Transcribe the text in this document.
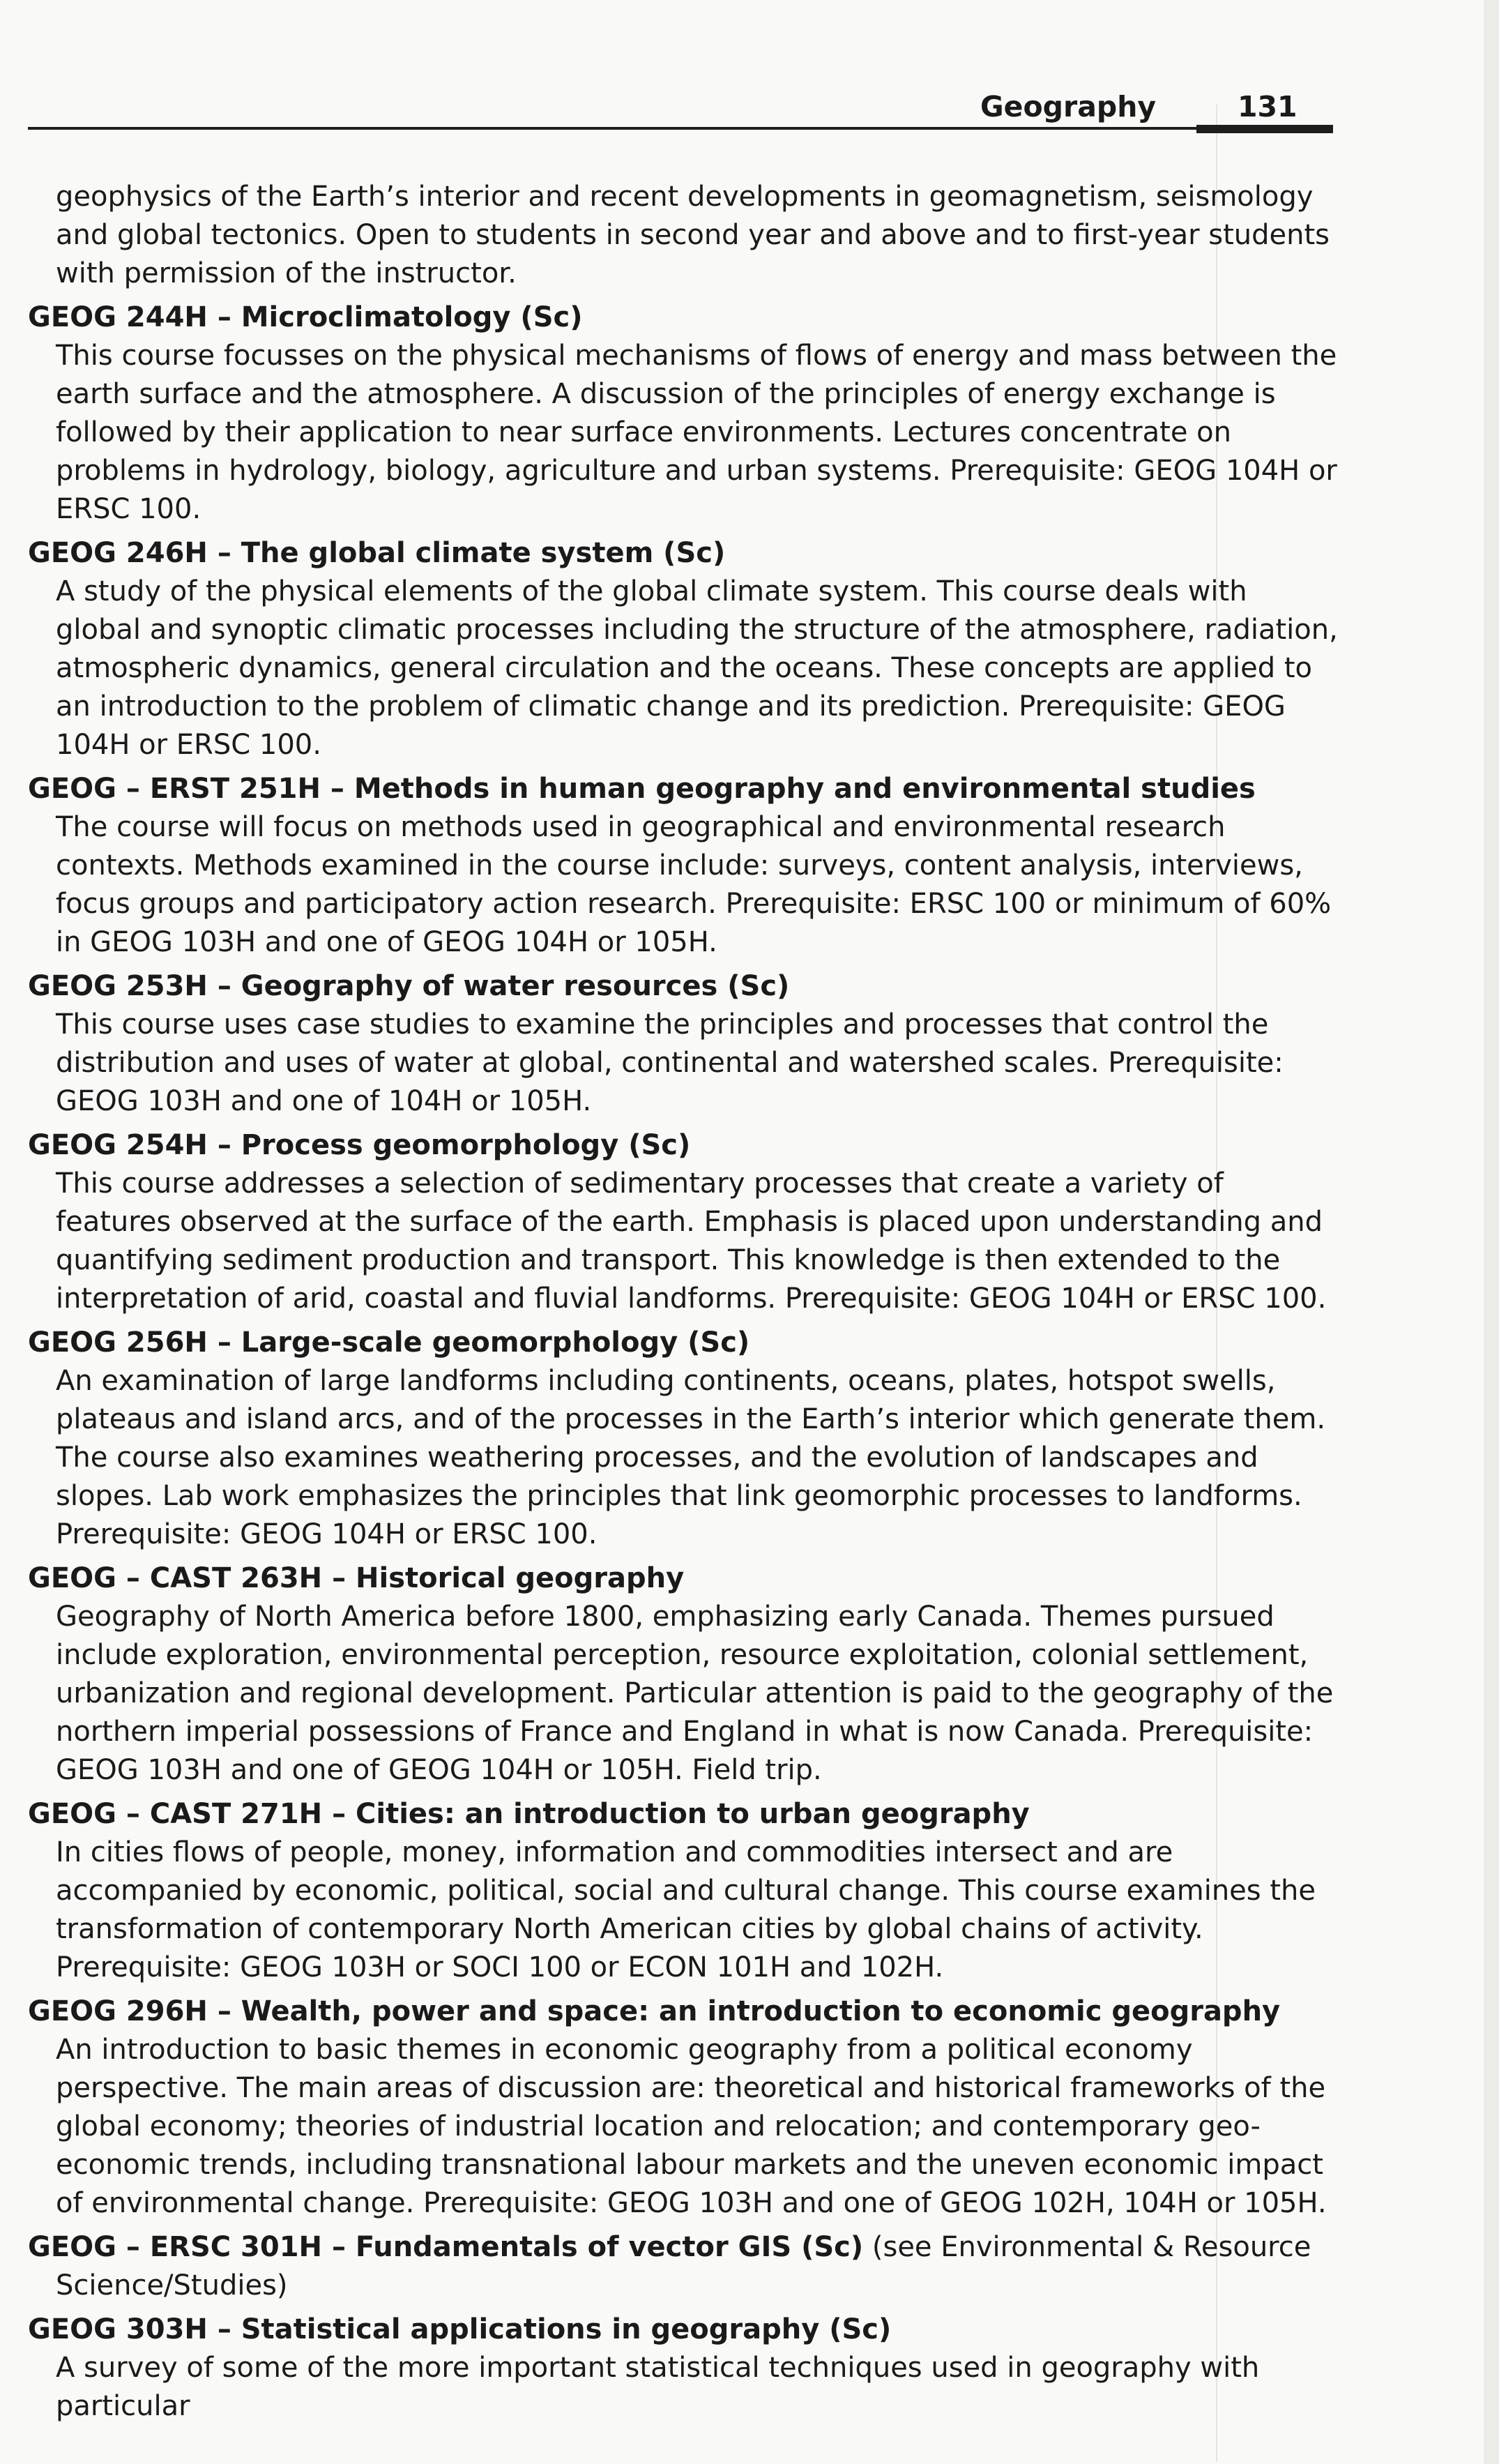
Geography	131

geophysics of the Earth’s interior and recent developments in geomagnetism, seismology and global tectonics. Open to students in second year and above and to first-year students with permission of the instructor.

GEOG 244H – Microclimatology (Sc)

This course focusses on the physical mechanisms of flows of energy and mass between the earth surface and the atmosphere. A discussion of the principles of energy exchange is followed by their application to near surface environments. Lectures concentrate on problems in hydrology, biology, agriculture and urban systems. Prerequisite: GEOG 104H or ERSC 100.

GEOG 246H – The global climate system (Sc)

A study of the physical elements of the global climate system. This course deals with global and synoptic climatic processes including the structure of the atmosphere, radiation, atmospheric dynamics, general circulation and the oceans. These concepts are applied to an introduction to the problem of climatic change and its prediction. Prerequisite: GEOG 104H or ERSC 100.

GEOG – ERST 251H – Methods in human geography and environmental studies

The course will focus on methods used in geographical and environmental research contexts. Methods examined in the course include: surveys, content analysis, interviews, focus groups and participatory action research. Prerequisite: ERSC 100 or minimum of 60% in GEOG 103H and one of GEOG 104H or 105H.

GEOG 253H – Geography of water resources (Sc)

This course uses case studies to examine the principles and processes that control the distribution and uses of water at global, continental and watershed scales. Prerequisite: GEOG 103H and one of 104H or 105H.

GEOG 254H – Process geomorphology (Sc)

This course addresses a selection of sedimentary processes that create a variety of features observed at the surface of the earth. Emphasis is placed upon understanding and quantifying sediment production and transport. This knowledge is then extended to the interpretation of arid, coastal and fluvial landforms. Prerequisite: GEOG 104H or ERSC 100.

GEOG 256H – Large-scale geomorphology (Sc)

An examination of large landforms including continents, oceans, plates, hotspot swells, plateaus and island arcs, and of the processes in the Earth’s interior which generate them. The course also examines weathering processes, and the evolution of landscapes and slopes. Lab work emphasizes the principles that link geomorphic processes to landforms. Prerequisite: GEOG 104H or ERSC 100.

GEOG – CAST 263H – Historical geography

Geography of North America before 1800, emphasizing early Canada. Themes pursued include exploration, environmental perception, resource exploitation, colonial settlement, urbanization and regional development. Particular attention is paid to the geography of the northern imperial possessions of France and England in what is now Canada. Prerequisite: GEOG 103H and one of GEOG 104H or 105H. Field trip.

GEOG – CAST 271H – Cities: an introduction to urban geography

In cities flows of people, money, information and commodities intersect and are accompanied by economic, political, social and cultural change. This course examines the transformation of contemporary North American cities by global chains of activity. Prerequisite: GEOG 103H or SOCI 100 or ECON 101H and 102H.

GEOG 296H – Wealth, power and space: an introduction to economic geography

An introduction to basic themes in economic geography from a political economy perspective. The main areas of discussion are: theoretical and historical frameworks of the global economy; theories of industrial location and relocation; and contemporary geo-economic trends, including transnational labour markets and the uneven economic impact of environmental change. Prerequisite: GEOG 103H and one of GEOG 102H, 104H or 105H.

GEOG – ERSC 301H – Fundamentals of vector GIS (Sc) (see Environmental & Resource

Science/Studies)

GEOG 303H – Statistical applications in geography (Sc)

A survey of some of the more important statistical techniques used in geography with particular
